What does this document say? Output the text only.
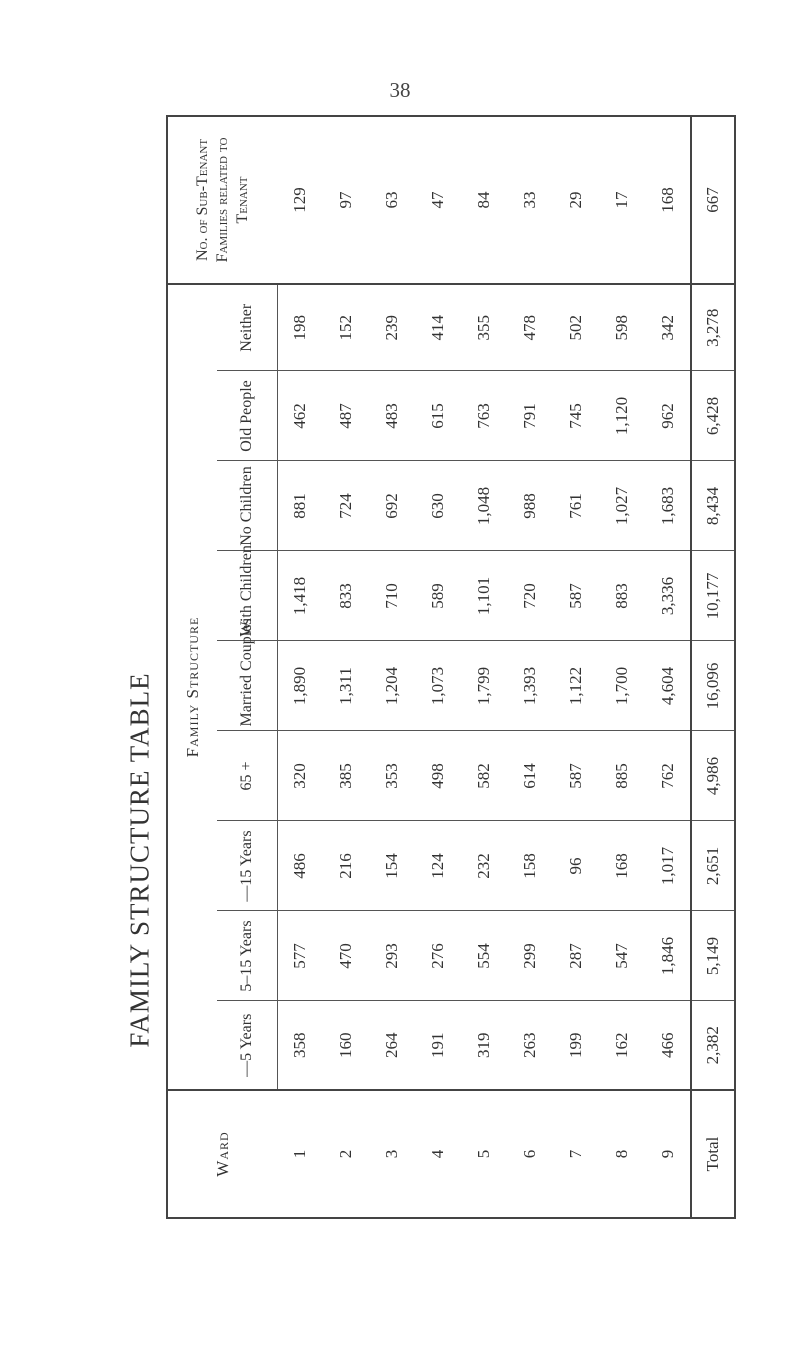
38
FAMILY STRUCTURE TABLE
Ward	Family Structure									No. of Sub-Tenant Families related to Tenant
	—5 Years	5–15 Years	—15 Years	65 +	Married Couples	With Children	No Children	Old People	Neither	
1	358	577	486	320	1,890	1,418	881	462	198	129
2	160	470	216	385	1,311	833	724	487	152	97
3	264	293	154	353	1,204	710	692	483	239	63
4	191	276	124	498	1,073	589	630	615	414	47
5	319	554	232	582	1,799	1,101	1,048	763	355	84
6	263	299	158	614	1,393	720	988	791	478	33
7	199	287	96	587	1,122	587	761	745	502	29
8	162	547	168	885	1,700	883	1,027	1,120	598	17
9	466	1,846	1,017	762	4,604	3,336	1,683	962	342	168
Total	2,382	5,149	2,651	4,986	16,096	10,177	8,434	6,428	3,278	667
